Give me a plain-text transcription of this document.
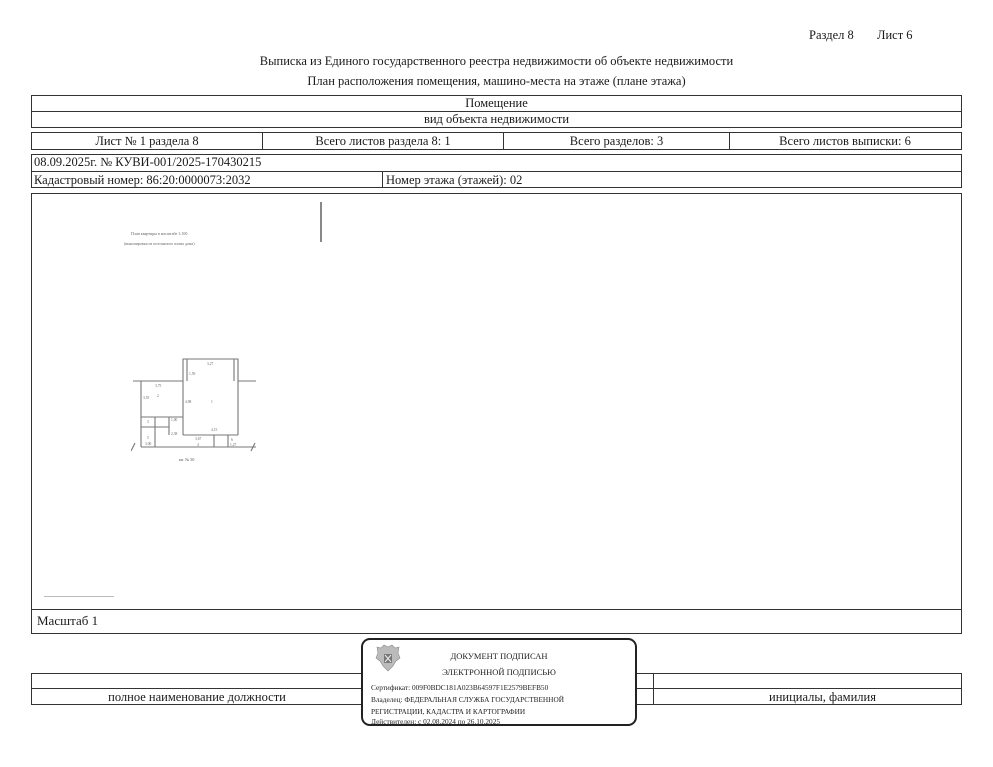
Раздел 8 Лист 6
Выписка из Единого государственного реестра недвижимости об объекте недвижимости
План расположения помещения, машино-места на этаже (плане этажа)
Помещение
вид объекта недвижимости
Лист № 1 раздела 8	Всего листов раздела 8: 1	Всего разделов: 3	Всего листов выписки: 6
08.09.2025г. № КУВИ-001/2025-170430215
Кадастровый номер: 86:20:0000073:2032	Номер этажа (этажей): 02
План квартиры в масштабе 1:100
(выкопировка из поэтажного плана дома)
3,27
1,59
3,75
3,55
4,98
2
1
1,00
4,15
3,67
4
3
5	6
3,00	1,27
2,38
кв. № 50
Масштаб 1
полное наименование должности	инициалы, фамилия
ДОКУМЕНТ ПОДПИСАН
ЭЛЕКТРОННОЙ ПОДПИСЬЮ
Сертификат: 009F0BDC181A023B64597F1E2579BEFB50
Владелец: ФЕДЕРАЛЬНАЯ СЛУЖБА ГОСУДАРСТВЕННОЙ
РЕГИСТРАЦИИ, КАДАСТРА И КАРТОГРАФИИ
Действителен: с 02.08.2024 по 26.10.2025
